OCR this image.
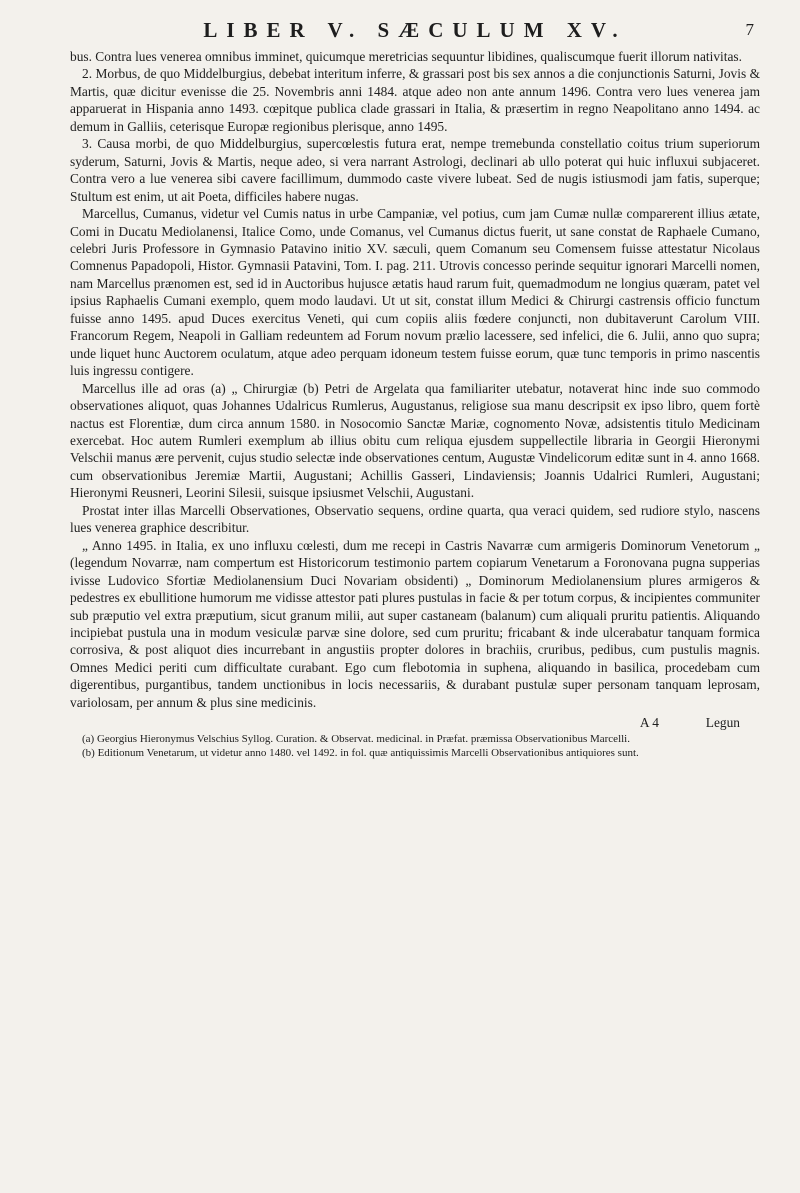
LIBER V. SÆCULUM XV.	7

bus. Contra lues venerea omnibus imminet, quicumque meretricias sequuntur libidines, qualiscumque fuerit illorum nativitas.

2. Morbus, de quo Middelburgius, debebat interitum inferre, & grassari post bis sex annos a die conjunctionis Saturni, Jovis & Martis, quæ dicitur evenisse die 25. Novembris anni 1484. atque adeo non ante annum 1496. Contra vero lues venerea jam apparuerat in Hispania anno 1493. cœpitque publica clade grassari in Italia, & præsertim in regno Neapolitano anno 1494. ac demum in Galliis, ceterisque Europæ regionibus plerisque, anno 1495.

3. Causa morbi, de quo Middelburgius, supercœlestis futura erat, nempe tremebunda constellatio coitus trium superiorum syderum, Saturni, Jovis & Martis, neque adeo, si vera narrant Astrologi, declinari ab ullo poterat qui huic influxui subjaceret. Contra vero a lue venerea sibi cavere facillimum, dummodo caste vivere lubeat. Sed de nugis istiusmodi jam fatis, superque; Stultum est enim, ut ait Poeta, difficiles habere nugas.

Marcellus, Cumanus, videtur vel Cumis natus in urbe Campaniæ, vel potius, cum jam Cumæ nullæ comparerent illius ætate, Comi in Ducatu Mediolanensi, Italice Como, unde Comanus, vel Cumanus dictus fuerit, ut sane constat de Raphaele Cumano, celebri Juris Professore in Gymnasio Patavino initio XV. sæculi, quem Comanum seu Comensem fuisse attestatur Nicolaus Comnenus Papadopoli, Histor. Gymnasii Patavini, Tom. I. pag. 211. Utrovis concesso perinde sequitur ignorari Marcelli nomen, nam Marcellus prænomen est, sed id in Auctoribus hujusce ætatis haud rarum fuit, quemadmodum ne longius quæram, patet vel ipsius Raphaelis Cumani exemplo, quem modo laudavi. Ut ut sit, constat illum Medici & Chirurgi castrensis officio functum fuisse anno 1495. apud Duces exercitus Veneti, qui cum copiis aliis fœdere conjuncti, non dubitaverunt Carolum VIII. Francorum Regem, Neapoli in Galliam redeuntem ad Forum novum prælio lacessere, sed infelici, die 6. Julii, anno quo supra; unde liquet hunc Auctorem oculatum, atque adeo perquam idoneum testem fuisse eorum, quæ tunc temporis in primo nascentis luis ingressu contigere.

Marcellus ille ad oras (a) „ Chirurgiæ (b) Petri de Argelata qua familiariter utebatur, notaverat hinc inde suo commodo observationes aliquot, quas Johannes Udalricus Rumlerus, Augustanus, religiose sua manu descripsit ex ipso libro, quem fortè nactus est Florentiæ, dum circa annum 1580. in Nosocomio Sanctæ Mariæ, cognomento Novæ, adsistentis titulo Medicinam exercebat. Hoc autem Rumleri exemplum ab illius obitu cum reliqua ejusdem suppellectile libraria in Georgii Hieronymi Velschii manus ære pervenit, cujus studio selectæ inde observationes centum, Augustæ Vindelicorum editæ sunt in 4. anno 1668. cum observationibus Jeremiæ Martii, Augustani; Achillis Gasseri, Lindaviensis; Joannis Udalrici Rumleri, Augustani; Hieronymi Reusneri, Leorini Silesii, suisque ipsiusmet Velschii, Augustani.

Prostat inter illas Marcelli Observationes, Observatio sequens, ordine quarta, qua veraci quidem, sed rudiore stylo, nascens lues venerea graphice describitur.

„ Anno 1495. in Italia, ex uno influxu cœlesti, dum me recepi in Castris Navarræ cum armigeris Dominorum Venetorum „ (legendum Novarræ, nam compertum est Historicorum testimonio partem copiarum Venetarum a Foronovana pugna supperias ivisse Ludovico Sfortiæ Mediolanensium Duci Novariam obsidenti) „ Dominorum Mediolanensium plures armigeros & pedestres ex ebullitione humorum me vidisse attestor pati plures pustulas in facie & per totum corpus, & incipientes communiter sub præputio vel extra præputium, sicut granum milii, aut super castaneam (balanum) cum aliquali pruritu patientis. Aliquando incipiebat pustula una in modum vesiculæ parvæ sine dolore, sed cum pruritu; fricabant & inde ulcerabatur tanquam formica corrosiva, & post aliquot dies incurrebant in angustiis propter dolores in brachiis, cruribus, pedibus, cum pustulis magnis. Omnes Medici periti cum difficultate curabant. Ego cum flebotomia in suphena, aliquando in basilica, procedebam cum digerentibus, purgantibus, tandem unctionibus in locis necessariis, & durabant pustulæ super personam tanquam leprosam, variolosam, per annum & plus sine medicinis.

A 4	Legun

(a) Georgius Hieronymus Velschius Syllog. Curation. & Observat. medicinal. in Præfat. præmissa Observationibus Marcelli.

(b) Editionum Venetarum, ut videtur anno 1480. vel 1492. in fol. quæ antiquissimis Marcelli Observationibus antiquiores sunt.
